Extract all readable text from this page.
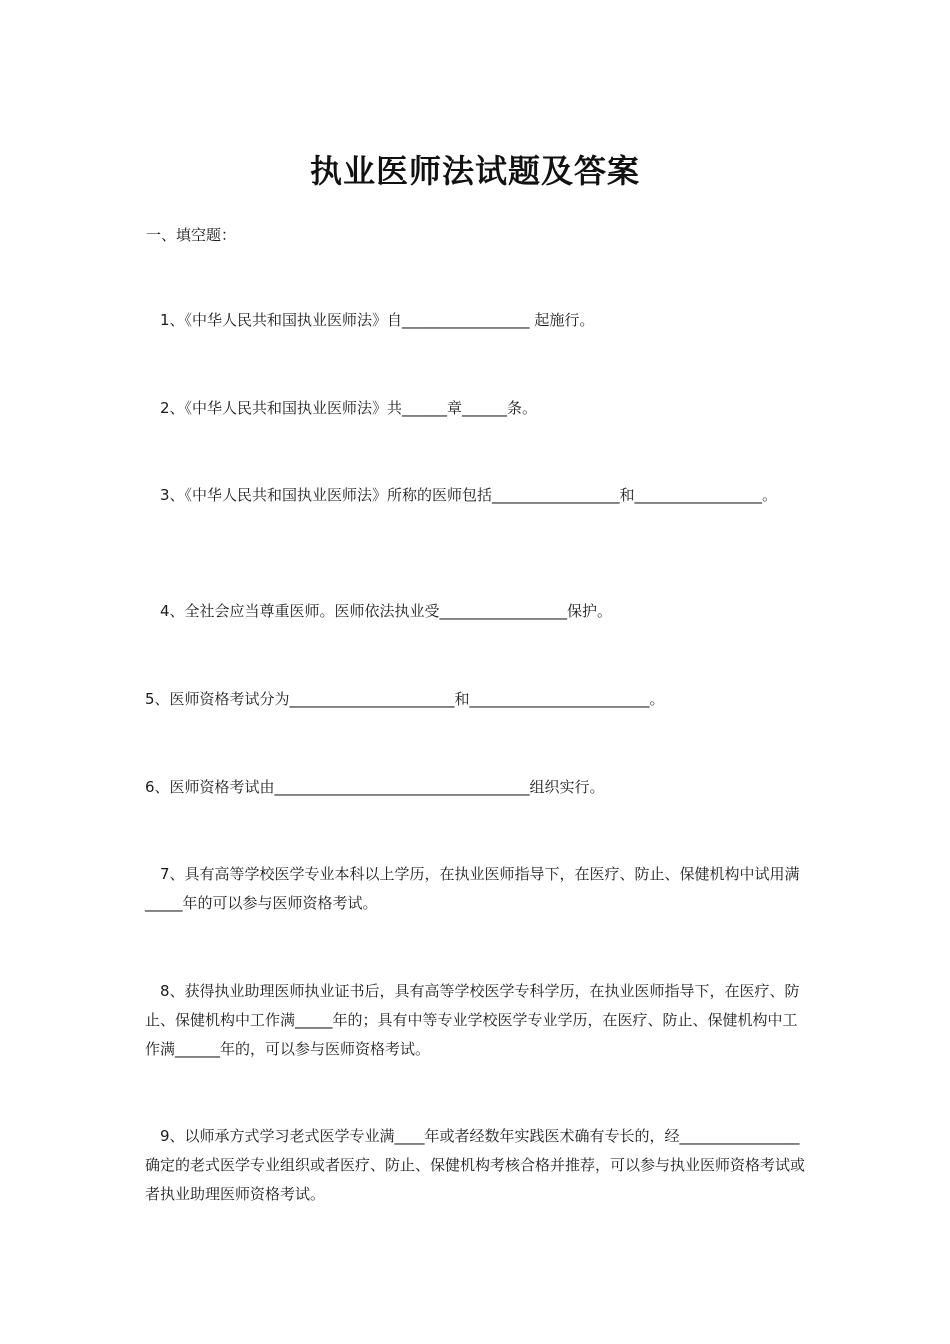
执业医师法试题及答案
一、填空题：
1、《中华人民共和国执业医师法》自_________________ 起施行。
2、《中华人民共和国执业医师法》共______章______条。
3、《中华人民共和国执业医师法》所称的医师包括_________________和_________________。
4、全社会应当尊重医师。医师依法执业受_________________保护。
5、医师资格考试分为______________________和________________________。
6、医师资格考试由__________________________________组织实行。
7、具有高等学校医学专业本科以上学历，在执业医师指导下，在医疗、防止、保健机构中试用满_____年的可以参与医师资格考试。
8、获得执业助理医师执业证书后，具有高等学校医学专科学历，在执业医师指导下，在医疗、防止、保健机构中工作满_____年的；具有中等专业学校医学专业学历，在医疗、防止、保健机构中工作满______年的，可以参与医师资格考试。
9、以师承方式学习老式医学专业满____年或者经数年实践医术确有专长的，经________________确定的老式医学专业组织或者医疗、防止、保健机构考核合格并推荐，可以参与执业医师资格考试或者执业助理医师资格考试。
